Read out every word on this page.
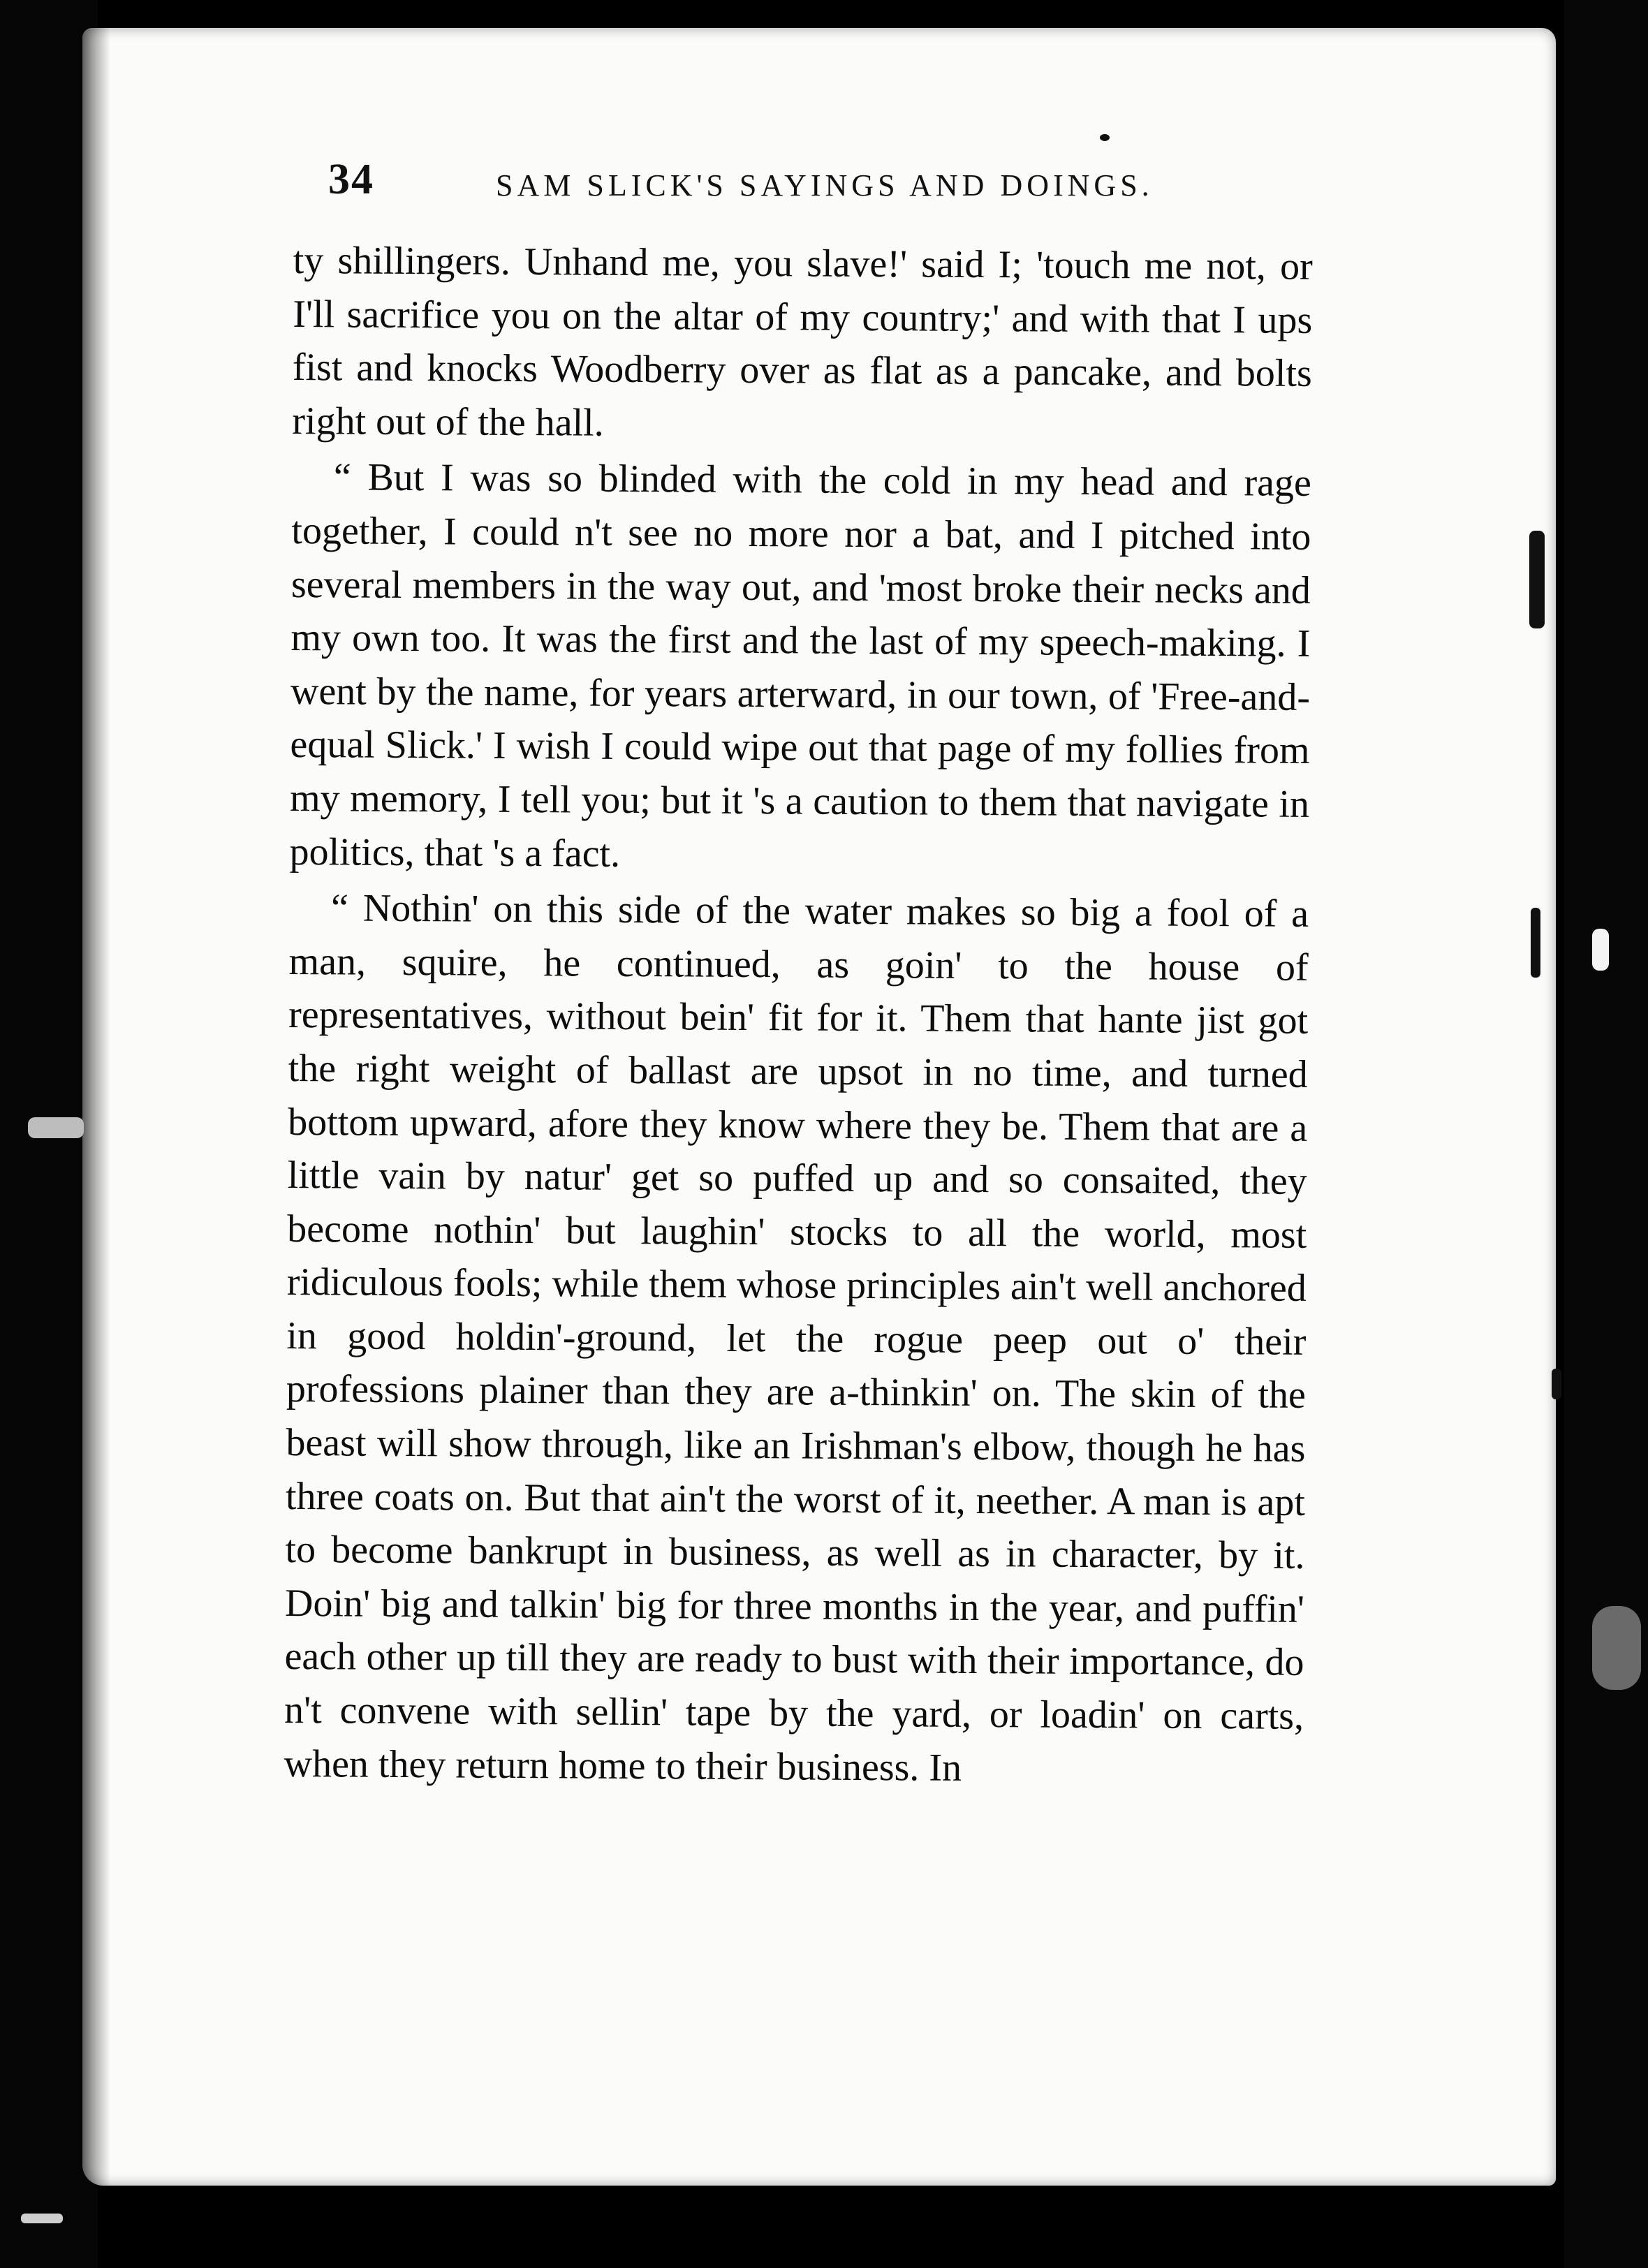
34	SAM SLICK'S SAYINGS AND DOINGS.

ty shillingers. Unhand me, you slave!' said I; 'touch me not, or I'll sacrifice you on the altar of my country;' and with that I ups fist and knocks Woodberry over as flat as a pancake, and bolts right out of the hall.

“ But I was so blinded with the cold in my head and rage together, I could n't see no more nor a bat, and I pitched into several members in the way out, and 'most broke their necks and my own too. It was the first and the last of my speech-making. I went by the name, for years arterward, in our town, of 'Free-and-equal Slick.' I wish I could wipe out that page of my follies from my memory, I tell you; but it 's a caution to them that navigate in politics, that 's a fact.

“ Nothin' on this side of the water makes so big a fool of a man, squire, he continued, as goin' to the house of representatives, without bein' fit for it. Them that hante jist got the right weight of ballast are upsot in no time, and turned bottom upward, afore they know where they be. Them that are a little vain by natur' get so puffed up and so consaited, they become nothin' but laughin' stocks to all the world, most ridiculous fools; while them whose principles ain't well anchored in good holdin'-ground, let the rogue peep out o' their professions plainer than they are a-thinkin' on. The skin of the beast will show through, like an Irishman's elbow, though he has three coats on. But that ain't the worst of it, neether. A man is apt to become bankrupt in business, as well as in character, by it. Doin' big and talkin' big for three months in the year, and puffin' each other up till they are ready to bust with their importance, do n't convene with sellin' tape by the yard, or loadin' on carts, when they return home to their business. In
